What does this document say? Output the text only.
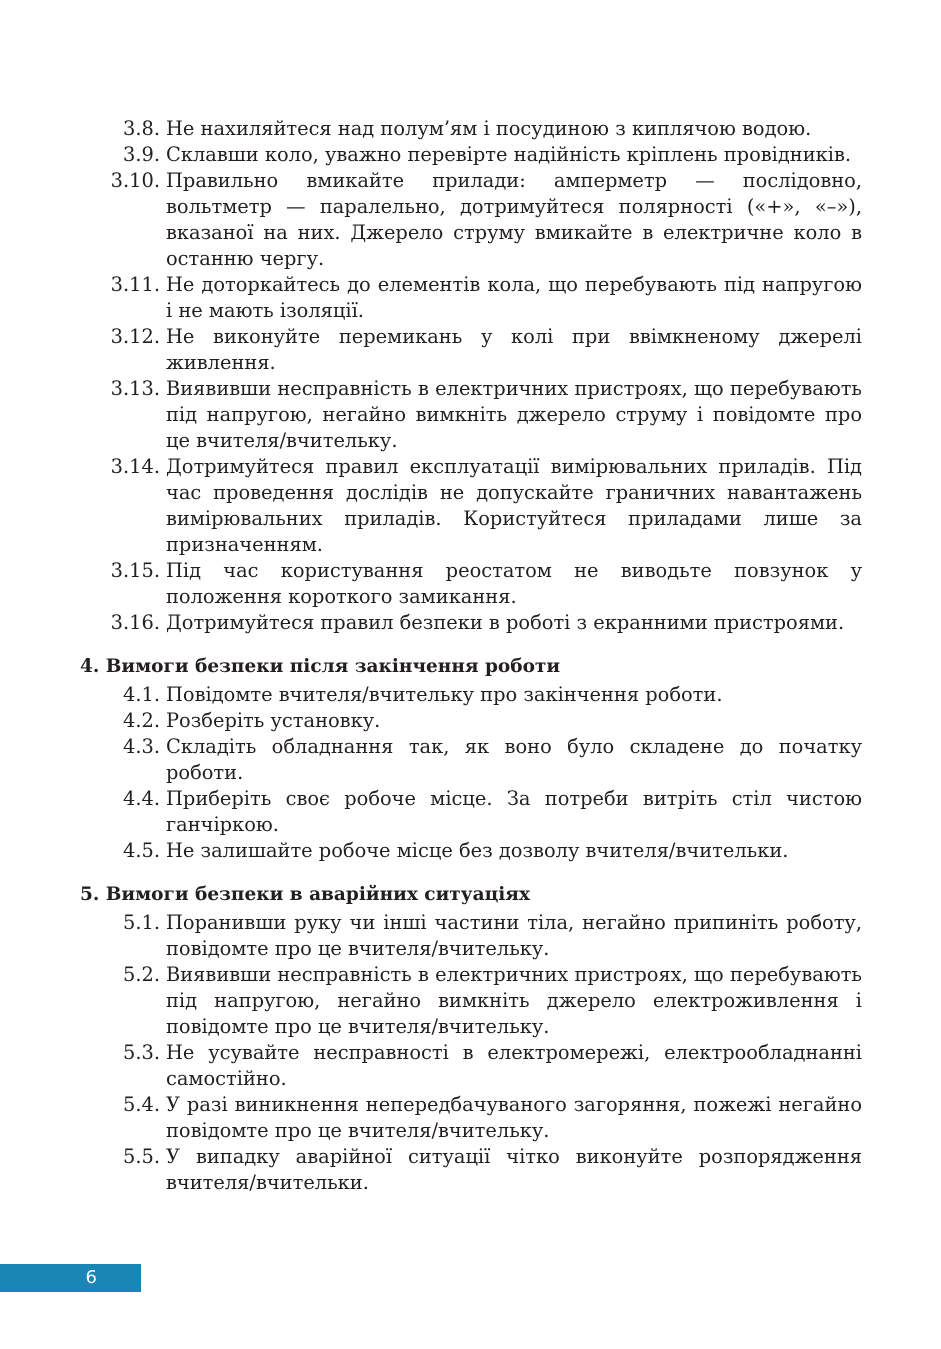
3.8. Не нахиляйтеся над полум’ям і посудиною з киплячою водою.
3.9. Склавши коло, уважно перевірте надійність кріплень провідників.
3.10. Правильно вмикайте прилади: амперметр — послідовно, вольтметр — паралельно, дотримуйтеся полярності («+», «–»), вказаної на них. Джерело струму вмикайте в електричне коло в останню чергу.
3.11. Не доторкайтесь до елементів кола, що перебувають під напругою і не мають ізоляції.
3.12. Не виконуйте перемикань у колі при ввімкненому джерелі живлення.
3.13. Виявивши несправність в електричних пристроях, що перебувають під напругою, негайно вимкніть джерело струму і повідомте про це вчителя/вчительку.
3.14. Дотримуйтеся правил експлуатації вимірювальних приладів. Під час проведення дослідів не допускайте граничних навантажень вимірювальних приладів. Користуйтеся приладами лише за призначенням.
3.15. Під час користування реостатом не виводьте повзунок у положення короткого замикання.
3.16. Дотримуйтеся правил безпеки в роботі з екранними пристроями.
4. Вимоги безпеки після закінчення роботи
4.1. Повідомте вчителя/вчительку про закінчення роботи.
4.2. Розберіть установку.
4.3. Складіть обладнання так, як воно було складене до початку роботи.
4.4. Приберіть своє робоче місце. За потреби витріть стіл чистою ганчіркою.
4.5. Не залишайте робоче місце без дозволу вчителя/вчительки.
5. Вимоги безпеки в аварійних ситуаціях
5.1. Поранивши руку чи інші частини тіла, негайно припиніть роботу, повідомте про це вчителя/вчительку.
5.2. Виявивши несправність в електричних пристроях, що перебувають під напругою, негайно вимкніть джерело електроживлення і повідомте про це вчителя/вчительку.
5.3. Не усувайте несправності в електромережі, електрообладнанні самостійно.
5.4. У разі виникнення непередбачуваного загоряння, пожежі негайно повідомте про це вчителя/вчительку.
5.5. У випадку аварійної ситуації чітко виконуйте розпорядження вчителя/вчительки.
6
